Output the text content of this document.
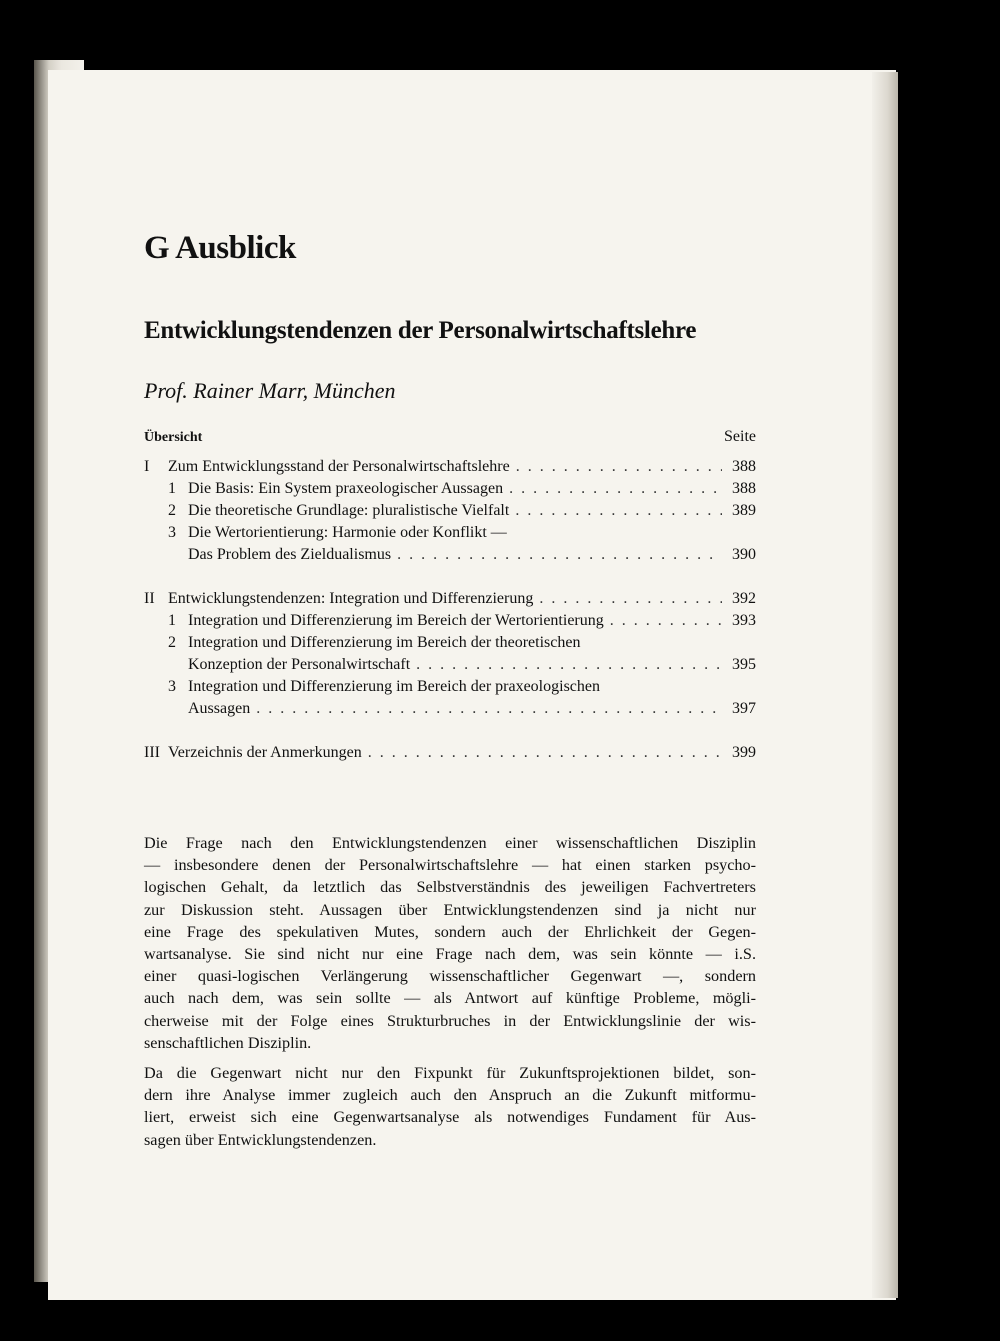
G Ausblick
Entwicklungstendenzen der Personalwirtschaftslehre
Prof. Rainer Marr, München
Übersicht	Seite
I	Zum Entwicklungsstand der Personalwirtschaftslehre . . .	388
1 Die Basis: Ein System praxeologischer Aussagen . . .	388
2 Die theoretische Grundlage: pluralistische Vielfalt . . .	389
3 Die Wertorientierung: Harmonie oder Konflikt —
Das Problem des Zieldualismus . . .	390
II Entwicklungstendenzen: Integration und Differenzierung . . .	392
1 Integration und Differenzierung im Bereich der Wertorientierung . . .	393
2 Integration und Differenzierung im Bereich der theoretischen
Konzeption der Personalwirtschaft . . .	395
3 Integration und Differenzierung im Bereich der praxeologischen
Aussagen . . .	397
III Verzeichnis der Anmerkungen . . .	399

Die Frage nach den Entwicklungstendenzen einer wissenschaftlichen Disziplin
— insbesondere denen der Personalwirtschaftslehre — hat einen starken psycho-
logischen Gehalt, da letztlich das Selbstverständnis des jeweiligen Fachvertreters
zur Diskussion steht. Aussagen über Entwicklungstendenzen sind ja nicht nur
eine Frage des spekulativen Mutes, sondern auch der Ehrlichkeit der Gegen-
wartsanalyse. Sie sind nicht nur eine Frage nach dem, was sein könnte — i.S.
einer quasi-logischen Verlängerung wissenschaftlicher Gegenwart —, sondern
auch nach dem, was sein sollte — als Antwort auf künftige Probleme, mögli-
cherweise mit der Folge eines Strukturbruches in der Entwicklungslinie der wis-
senschaftlichen Disziplin.

Da die Gegenwart nicht nur den Fixpunkt für Zukunftsprojektionen bildet, son-
dern ihre Analyse immer zugleich auch den Anspruch an die Zukunft mitformu-
liert, erweist sich eine Gegenwartsanalyse als notwendiges Fundament für Aus-
sagen über Entwicklungstendenzen.
